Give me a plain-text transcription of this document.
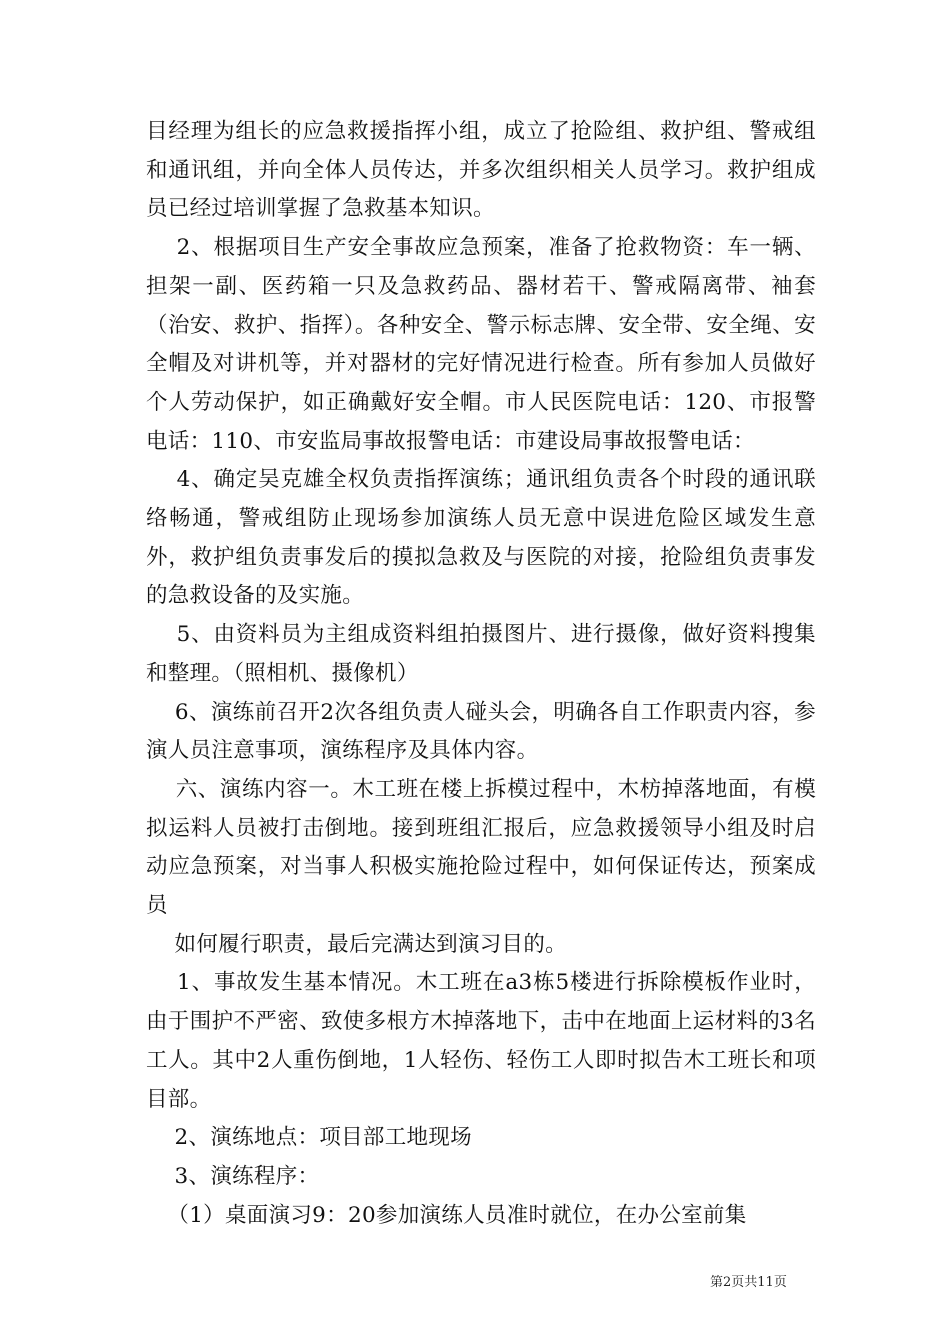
目经理为组长的应急救援指挥小组，成立了抢险组、救护组、警戒组和通讯组，并向全体人员传达，并多次组织相关人员学习。救护组成员已经过培训掌握了急救基本知识。

2、根据项目生产安全事故应急预案，准备了抢救物资：车一辆、担架一副、医药箱一只及急救药品、器材若干、警戒隔离带、袖套（治安、救护、指挥）。各种安全、警示标志牌、安全带、安全绳、安全帽及对讲机等，并对器材的完好情况进行检查。所有参加人员做好个人劳动保护，如正确戴好安全帽。市人民医院电话：120、市报警电话：110、市安监局事故报警电话：市建设局事故报警电话：

4、确定吴克雄全权负责指挥演练；通讯组负责各个时段的通讯联络畅通，警戒组防止现场参加演练人员无意中误进危险区域发生意外，救护组负责事发后的摸拟急救及与医院的对接，抢险组负责事发的急救设备的及实施。

5、由资料员为主组成资料组拍摄图片、进行摄像，做好资料搜集和整理。（照相机、摄像机）

6、演练前召开2次各组负责人碰头会，明确各自工作职责内容，参演人员注意事项，演练程序及具体内容。

六、演练内容一。木工班在楼上拆模过程中，木枋掉落地面，有模拟运料人员被打击倒地。接到班组汇报后，应急救援领导小组及时启动应急预案，对当事人积极实施抢险过程中，如何保证传达，预案成员

如何履行职责，最后完满达到演习目的。

1、事故发生基本情况。木工班在a3栋5楼进行拆除模板作业时，由于围护不严密、致使多根方木掉落地下，击中在地面上运材料的3名工人。其中2人重伤倒地，1人轻伤、轻伤工人即时拟告木工班长和项目部。

2、演练地点：项目部工地现场

3、演练程序：

（1）桌面演习9：20参加演练人员准时就位，在办公室前集

第2页共11页
